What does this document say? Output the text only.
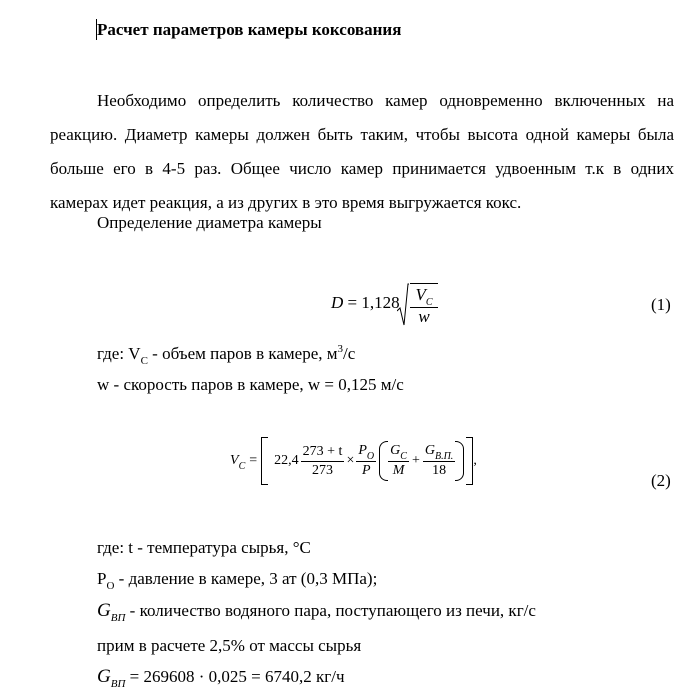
Расчет параметров камеры коксования

Необходимо определить количество камер одновременно включенных на реакцию. Диаметр камеры должен быть таким, чтобы высота одной камеры была больше его в 4-5 раз. Общее число камер принимается удвоенным т.к в одних камерах идет реакция, а из других в это время выгружается кокс.

Определение диаметра камеры
D = 1,128 $V_C$
w
(1)
где: $V_C$ - объем паров в камере, $м^3/с$
w - скорость паров в камере, w = 0,125 м/с
V $C = 22,4 \frac{273 + t}{273} \times \frac{P_O}{P} \frac{G_C}{M} + \frac{G_{В.П.}}{18}$ ,
(2)
где: t - температура сырья, °С
$P_O$ - давление в камере, 3 ат (0,3 МПа);
$G_{ВП}$ - количество водяного пара, поступающего из печи, кг/с
прим в расчете 2,5% от массы сырья
$G_{ВП} = 269608 \cdot 0,025 = 6740,2$ кг/ч
